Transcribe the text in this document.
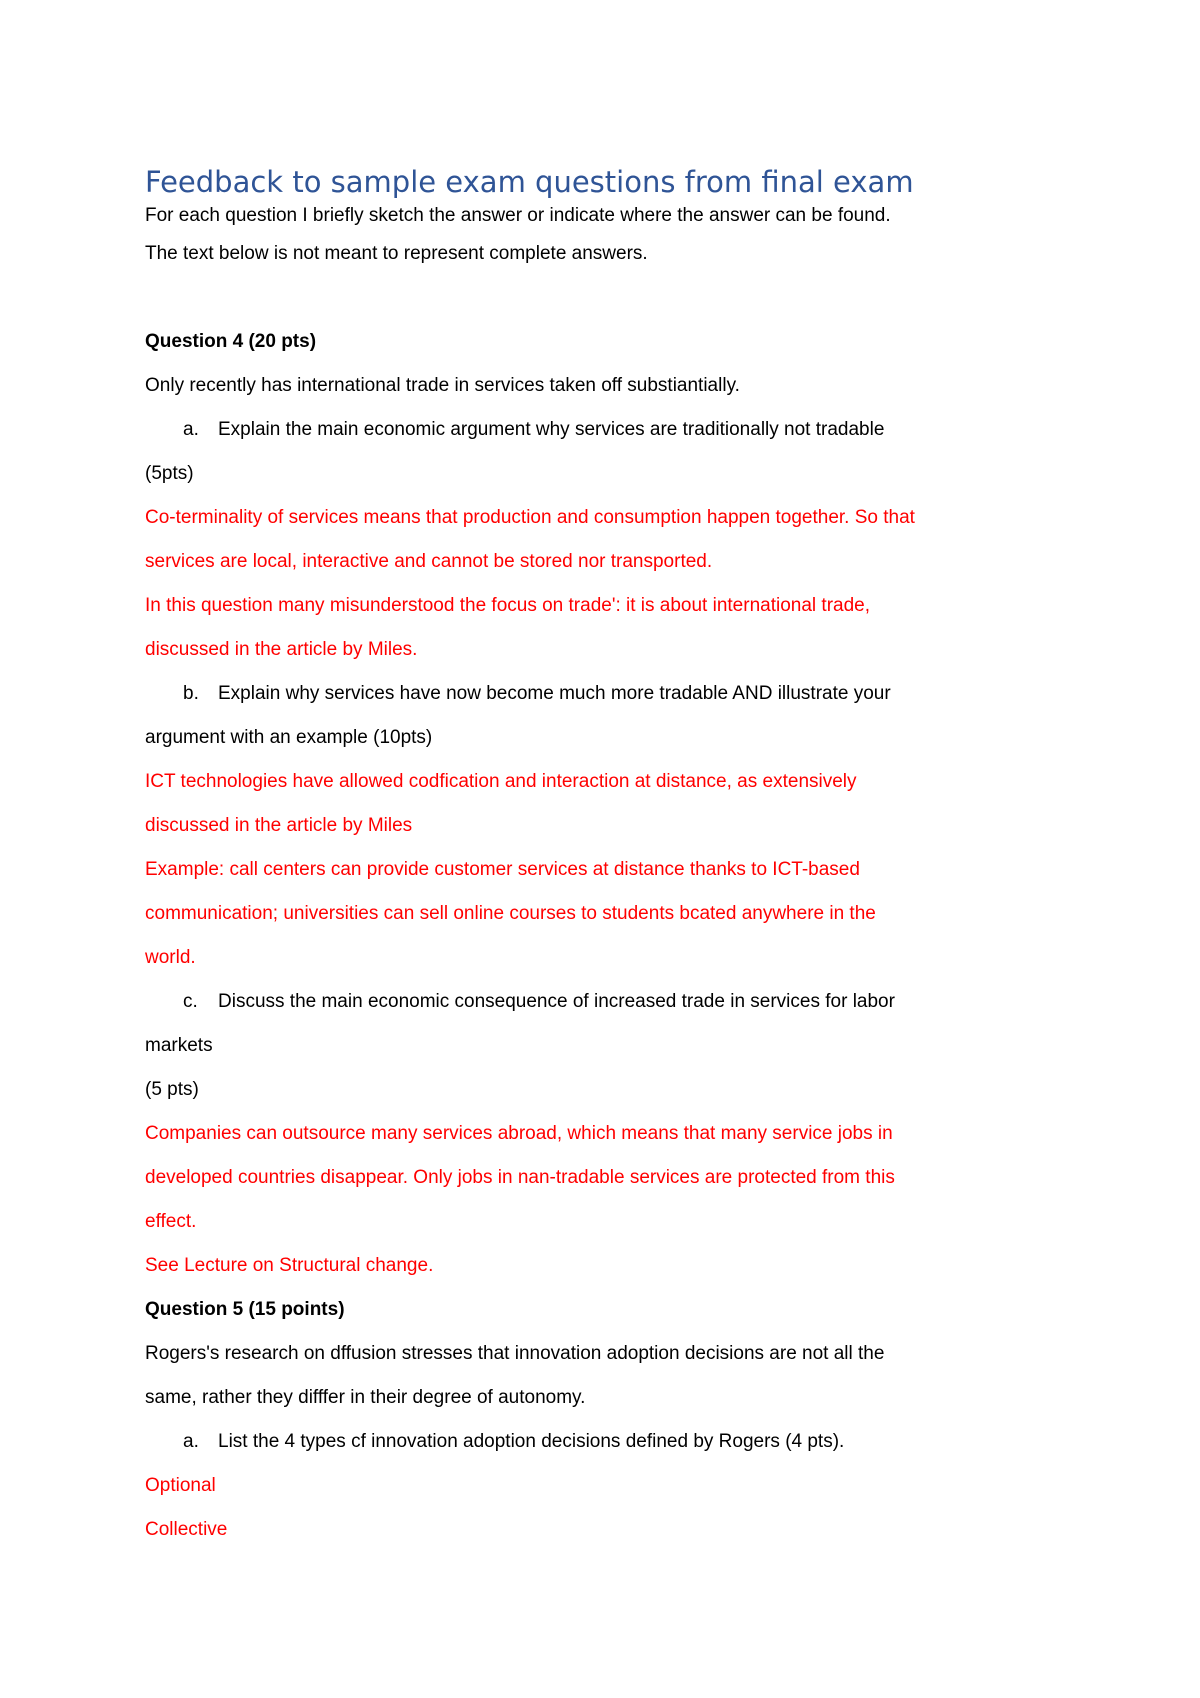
Feedback to sample exam questions from final exam

For each question I briefly sketch the answer or indicate where the answer can be found.

The text below is not meant to represent complete answers.

Question 4 (20 pts)

Only recently has international trade in services taken off substiantially.

a. Explain the main economic argument why services are traditionally not tradable

(5pts)

Co-terminality of services means that production and consumption happen together. So that

services are local, interactive and cannot be stored nor transported.

In this question many misunderstood the focus on trade': it is about international trade,

discussed in the article by Miles.

b. Explain why services have now become much more tradable AND illustrate your

argument with an example (10pts)

ICT technologies have allowed codfication and interaction at distance, as extensively

discussed in the article by Miles

Example: call centers can provide customer services at distance thanks to ICT-based

communication; universities can sell online courses to students bcated anywhere in the

world.

c. Discuss the main economic consequence of increased trade in services for labor

markets

(5 pts)

Companies can outsource many services abroad, which means that many service jobs in

developed countries disappear. Only jobs in nan-tradable services are protected from this

effect.

See Lecture on Structural change.

Question 5 (15 points)

Rogers's research on dffusion stresses that innovation adoption decisions are not all the

same, rather they difffer in their degree of autonomy.

a. List the 4 types cf innovation adoption decisions defined by Rogers (4 pts).

Optional

Collective
